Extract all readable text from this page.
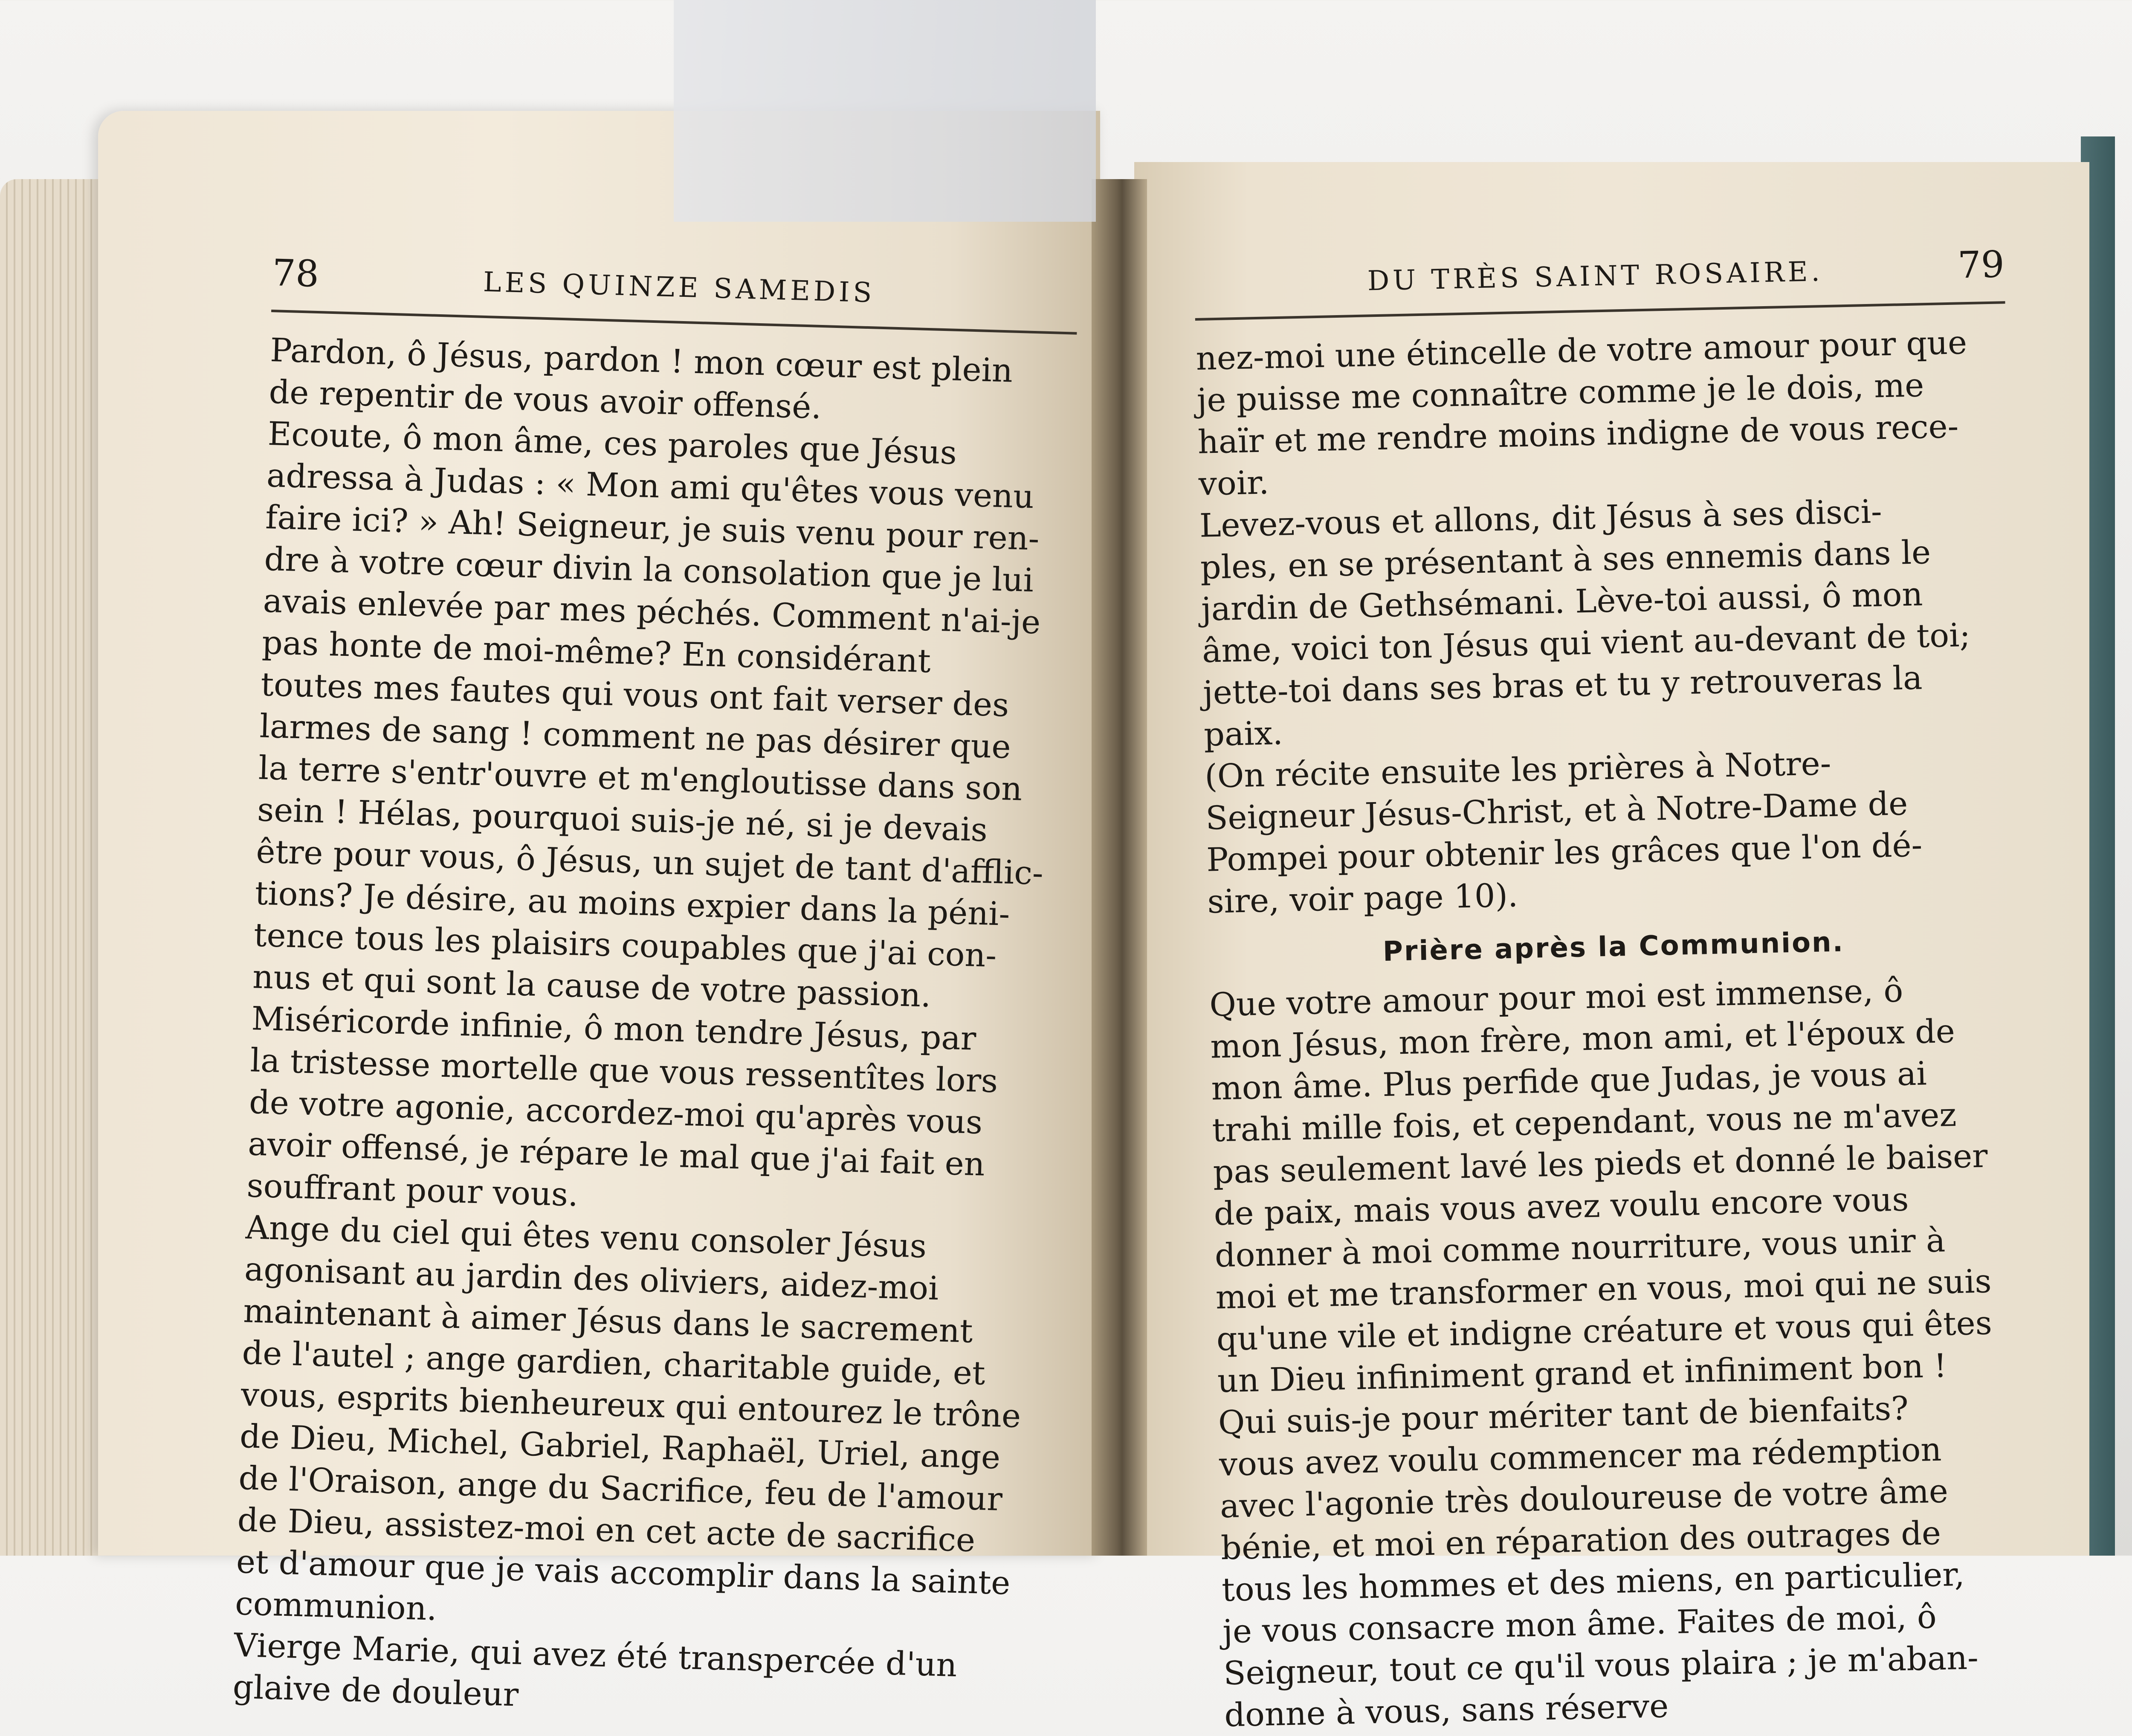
78	LES QUINZE SAMEDIS

Pardon, ô Jésus, pardon ! mon cœur est plein
de repentir de vous avoir offensé.

Ecoute, ô mon âme, ces paroles que Jésus
adressa à Judas : « Mon ami qu'êtes vous venu
faire ici? » Ah! Seigneur, je suis venu pour ren-
dre à votre cœur divin la consolation que je lui
avais enlevée par mes péchés. Comment n'ai-je
pas honte de moi-même? En considérant
toutes mes fautes qui vous ont fait verser des
larmes de sang ! comment ne pas désirer que
la terre s'entr'ouvre et m'engloutisse dans son
sein ! Hélas, pourquoi suis-je né, si je devais
être pour vous, ô Jésus, un sujet de tant d'afflic-
tions? Je désire, au moins expier dans la péni-
tence tous les plaisirs coupables que j'ai con-
nus et qui sont la cause de votre passion.

Miséricorde infinie, ô mon tendre Jésus, par
la tristesse mortelle que vous ressentîtes lors
de votre agonie, accordez-moi qu'après vous
avoir offensé, je répare le mal que j'ai fait en
souffrant pour vous.

Ange du ciel qui êtes venu consoler Jésus
agonisant au jardin des oliviers, aidez-moi
maintenant à aimer Jésus dans le sacrement
de l'autel ; ange gardien, charitable guide, et
vous, esprits bienheureux qui entourez le trône
de Dieu, Michel, Gabriel, Raphaël, Uriel, ange
de l'Oraison, ange du Sacrifice, feu de l'amour
de Dieu, assistez-moi en cet acte de sacrifice
et d'amour que je vais accomplir dans la sainte
communion.

Vierge Marie, qui avez été transpercée d'un
glaive de douleur

DU TRÈS SAINT ROSAIRE.	79

nez-moi une étincelle de votre amour pour que
je puisse me connaître comme je le dois, me
haïr et me rendre moins indigne de vous rece-
voir.

Levez-vous et allons, dit Jésus à ses disci-
ples, en se présentant à ses ennemis dans le
jardin de Gethsémani. Lève-toi aussi, ô mon
âme, voici ton Jésus qui vient au-devant de toi;
jette-toi dans ses bras et tu y retrouveras la
paix.

(On récite ensuite les prières à Notre-
Seigneur Jésus-Christ, et à Notre-Dame de
Pompei pour obtenir les grâces que l'on dé-
sire, voir page 10).

Prière après la Communion.

Que votre amour pour moi est immense, ô
mon Jésus, mon frère, mon ami, et l'époux de
mon âme. Plus perfide que Judas, je vous ai
trahi mille fois, et cependant, vous ne m'avez
pas seulement lavé les pieds et donné le baiser
de paix, mais vous avez voulu encore vous
donner à moi comme nourriture, vous unir à
moi et me transformer en vous, moi qui ne suis
qu'une vile et indigne créature et vous qui êtes
un Dieu infiniment grand et infiniment bon !

Qui suis-je pour mériter tant de bienfaits?
vous avez voulu commencer ma rédemption
avec l'agonie très douloureuse de votre âme
bénie, et moi en réparation des outrages de
tous les hommes et des miens, en particulier,
je vous consacre mon âme. Faites de moi, ô
Seigneur, tout ce qu'il vous plaira ; je m'aban-
donne à vous, sans réserve
